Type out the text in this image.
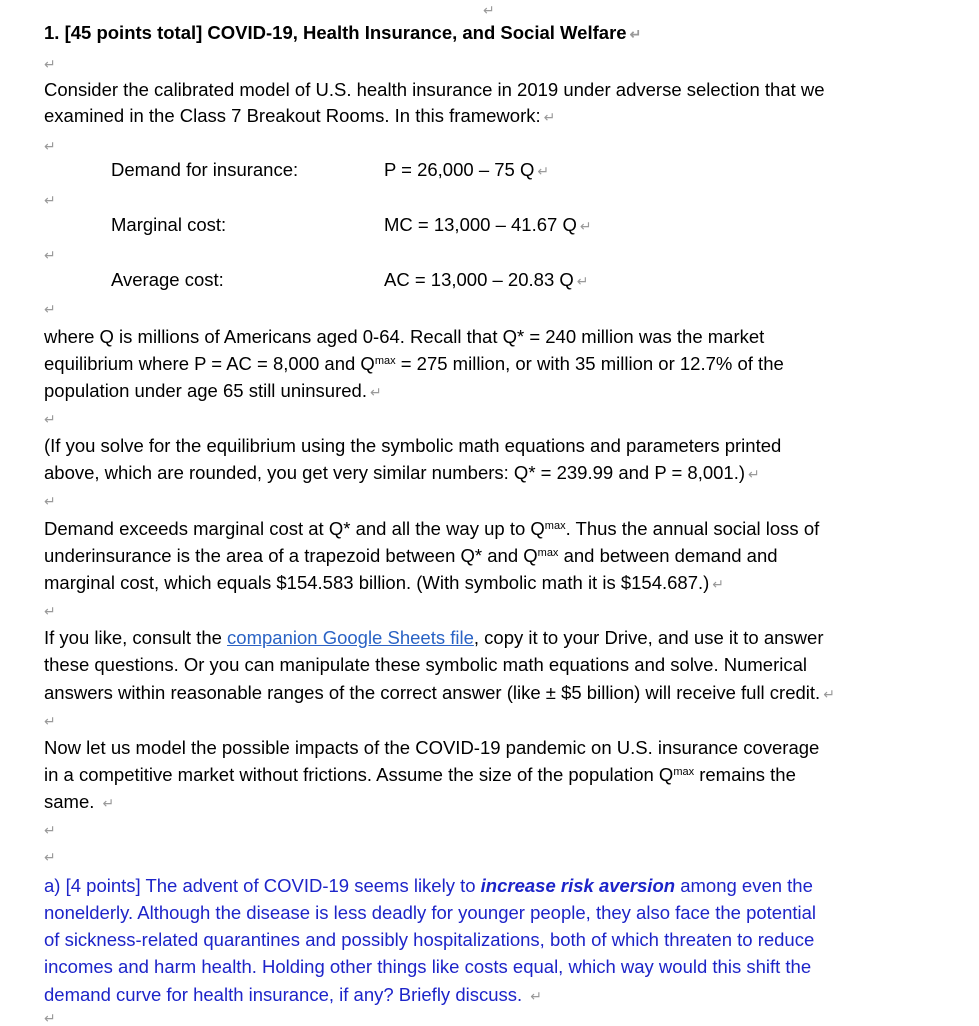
↵
1. [45 points total] COVID-19, Health Insurance, and Social Welfare ↵
↵
Consider the calibrated model of U.S. health insurance in 2019 under adverse selection that we
examined in the Class 7 Breakout Rooms. In this framework: ↵
↵
Demand for insurance:	P = 26,000 – 75 Q ↵
↵
Marginal cost:	MC = 13,000 – 41.67 Q ↵
↵
Average cost:	AC = 13,000 – 20.83 Q ↵
↵
where Q is millions of Americans aged 0-64. Recall that Q* = 240 million was the market
equilibrium where P = AC = 8,000 and $Q^{max} = 275$ million, or with 35 million or 12.7% of the
population under age 65 still uninsured. ↵
↵
(If you solve for the equilibrium using the symbolic math equations and parameters printed
above, which are rounded, you get very similar numbers: Q* = 239.99 and P = 8,001.) ↵
↵
Demand exceeds marginal cost at Q* and all the way up to $Q^{max}$. Thus the annual social loss of
underinsurance is the area of a trapezoid between Q* and $Q^{max}$ and between demand and
marginal cost, which equals $154.583 billion. (With symbolic math it is $154.687.) ↵
↵
If you like, consult the companion Google Sheets file, copy it to your Drive, and use it to answer
these questions. Or you can manipulate these symbolic math equations and solve. Numerical
answers within reasonable ranges of the correct answer (like ± $5 billion) will receive full credit. ↵
↵
Now let us model the possible impacts of the COVID-19 pandemic on U.S. insurance coverage
in a competitive market without frictions. Assume the size of the population $Q^{max}$ remains the
same. ↵
↵
↵
a) [4 points] The advent of COVID-19 seems likely to increase risk aversion among even the
nonelderly. Although the disease is less deadly for younger people, they also face the potential
of sickness-related quarantines and possibly hospitalizations, both of which threaten to reduce
incomes and harm health. Holding other things like costs equal, which way would this shift the
demand curve for health insurance, if any? Briefly discuss. ↵
↵
